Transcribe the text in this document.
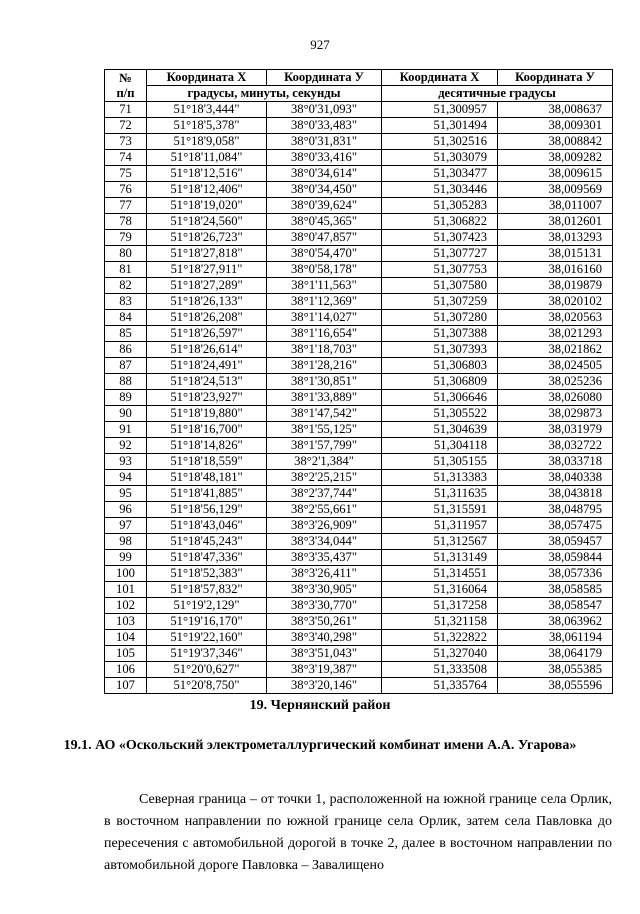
927
№
п/п	Координата X	Координата У	Координата X	Координата У
	градусы, минуты, секунды		десятичные градусы	
71	51°18'3,444"	38°0'31,093"	51,300957	38,008637
72	51°18'5,378"	38°0'33,483"	51,301494	38,009301
73	51°18'9,058"	38°0'31,831"	51,302516	38,008842
74	51°18'11,084"	38°0'33,416"	51,303079	38,009282
75	51°18'12,516"	38°0'34,614"	51,303477	38,009615
76	51°18'12,406"	38°0'34,450"	51,303446	38,009569
77	51°18'19,020"	38°0'39,624"	51,305283	38,011007
78	51°18'24,560"	38°0'45,365"	51,306822	38,012601
79	51°18'26,723"	38°0'47,857"	51,307423	38,013293
80	51°18'27,818"	38°0'54,470"	51,307727	38,015131
81	51°18'27,911"	38°0'58,178"	51,307753	38,016160
82	51°18'27,289"	38°1'11,563"	51,307580	38,019879
83	51°18'26,133"	38°1'12,369"	51,307259	38,020102
84	51°18'26,208"	38°1'14,027"	51,307280	38,020563
85	51°18'26,597"	38°1'16,654"	51,307388	38,021293
86	51°18'26,614"	38°1'18,703"	51,307393	38,021862
87	51°18'24,491"	38°1'28,216"	51,306803	38,024505
88	51°18'24,513"	38°1'30,851"	51,306809	38,025236
89	51°18'23,927"	38°1'33,889"	51,306646	38,026080
90	51°18'19,880"	38°1'47,542"	51,305522	38,029873
91	51°18'16,700"	38°1'55,125"	51,304639	38,031979
92	51°18'14,826"	38°1'57,799"	51,304118	38,032722
93	51°18'18,559"	38°2'1,384"	51,305155	38,033718
94	51°18'48,181"	38°2'25,215"	51,313383	38,040338
95	51°18'41,885"	38°2'37,744"	51,311635	38,043818
96	51°18'56,129"	38°2'55,661"	51,315591	38,048795
97	51°18'43,046"	38°3'26,909"	51,311957	38,057475
98	51°18'45,243"	38°3'34,044"	51,312567	38,059457
99	51°18'47,336"	38°3'35,437"	51,313149	38,059844
100	51°18'52,383"	38°3'26,411"	51,314551	38,057336
101	51°18'57,832"	38°3'30,905"	51,316064	38,058585
102	51°19'2,129"	38°3'30,770"	51,317258	38,058547
103	51°19'16,170"	38°3'50,261"	51,321158	38,063962
104	51°19'22,160"	38°3'40,298"	51,322822	38,061194
105	51°19'37,346"	38°3'51,043"	51,327040	38,064179
106	51°20'0,627"	38°3'19,387"	51,333508	38,055385
107	51°20'8,750"	38°3'20,146"	51,335764	38,055596
19. Чернянский район
19.1. АО «Оскольский электрометаллургический комбинат имени А.А. Угарова»

Северная граница – от точки 1, расположенной на южной границе села Орлик, в восточном направлении по южной границе села Орлик, затем села Павловка до пересечения с автомобильной дорогой в точке 2, далее в восточном направлении по автомобильной дороге Павловка – Завалищено
